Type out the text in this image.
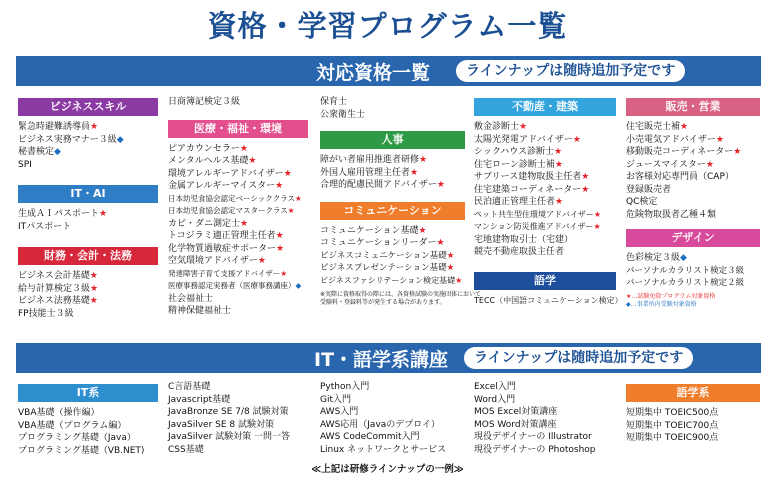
資格・学習プログラム一覧
対応資格一覧	ラインナップは随時追加予定です
ビジネススキル
緊急時避難誘導員★
ビジネス実務マナー３級◆
秘書検定◆
SPI
IT・AI
生成ＡＩパスポート★
ITパスポート
財務・会計・法務
ビジネス会計基礎★
給与計算検定３級★
ビジネス法務基礎★
FP技能士３級
日商簿記検定３級
医療・福祉・環境
ピアカウンセラー★
メンタルヘルス基礎★
環境アレルギーアドバイザー★
金属アレルギーマイスター★
日本幼児食協会認定ベーシッククラス★
日本幼児食協会認定マスタークラス★
カビ・ダニ測定士★
トコジラミ適正管理主任者★
化学物質過敏症サポーター★
空気環境アドバイザー★
発達障害子育て支援アドバイザー★
医療事務認定実務者（医療事務講座）◆
社会福祉士
精神保健福祉士
保育士
公衆衛生士
人事
障がい者雇用推進者研修★
外国人雇用管理主任者★
合理的配慮民間アドバイザー★
コミュニケーション
コミュニケーション基礎★
コミュニケーションリーダー★
ビジネスコミュニケーション基礎★
ビジネスプレゼンテーション基礎★
ビジネスファシリテーション検定基礎★
※実際に資格取得の際には、各資格試験の実施団体において
受験料・登録料等が発生する場合があります。
不動産・建築
敷金診断士★
太陽光発電アドバイザー★
シックハウス診断士★
住宅ローン診断士補★
サブリース建物取扱主任者★
住宅建築コーディネーター★
民泊適正管理主任者★
ペット共生型住環境アドバイザー★
マンション防災推進アドバイザー★
宅地建物取引士（宅建）
競売不動産取扱主任者
語学
TECC（中国語コミュニケーション検定）
販売・営業
住宅販売士補★
小売電気アドバイザー★
移動販売コーディネーター★
ジュースマイスター★
お客様対応専門員（CAP）
登録販売者
QC検定
危険物取扱者乙種４類
デザイン
色彩検定３級◆
パーソナルカラリスト検定３級
パーソナルカラリスト検定２級
★…試験免除プログラム対象資格
◆…事業所内受験対象資格
IT・語学系講座	ラインナップは随時追加予定です
IT系
VBA基礎（操作編）
VBA基礎（プログラム編）
プログラミング基礎（Java）
プログラミング基礎（VB.NET)
C言語基礎
Javascript基礎
JavaBronze SE 7/8 試験対策
JavaSilver SE 8 試験対策
JavaSilver 試験対策 一問一答
CSS基礎
Python入門
Git入門
AWS入門
AWS応用（Javaのデプロイ）
AWS CodeCommit入門
Linux ネットワークとサービス
Excel入門
Word入門
MOS Excel対策講座
MOS Word対策講座
現役デザイナーの Illustrator
現役デザイナーの Photoshop
語学系
短期集中 TOEIC500点
短期集中 TOEIC700点
短期集中 TOEIC900点
≪上記は研修ラインナップの一例≫
